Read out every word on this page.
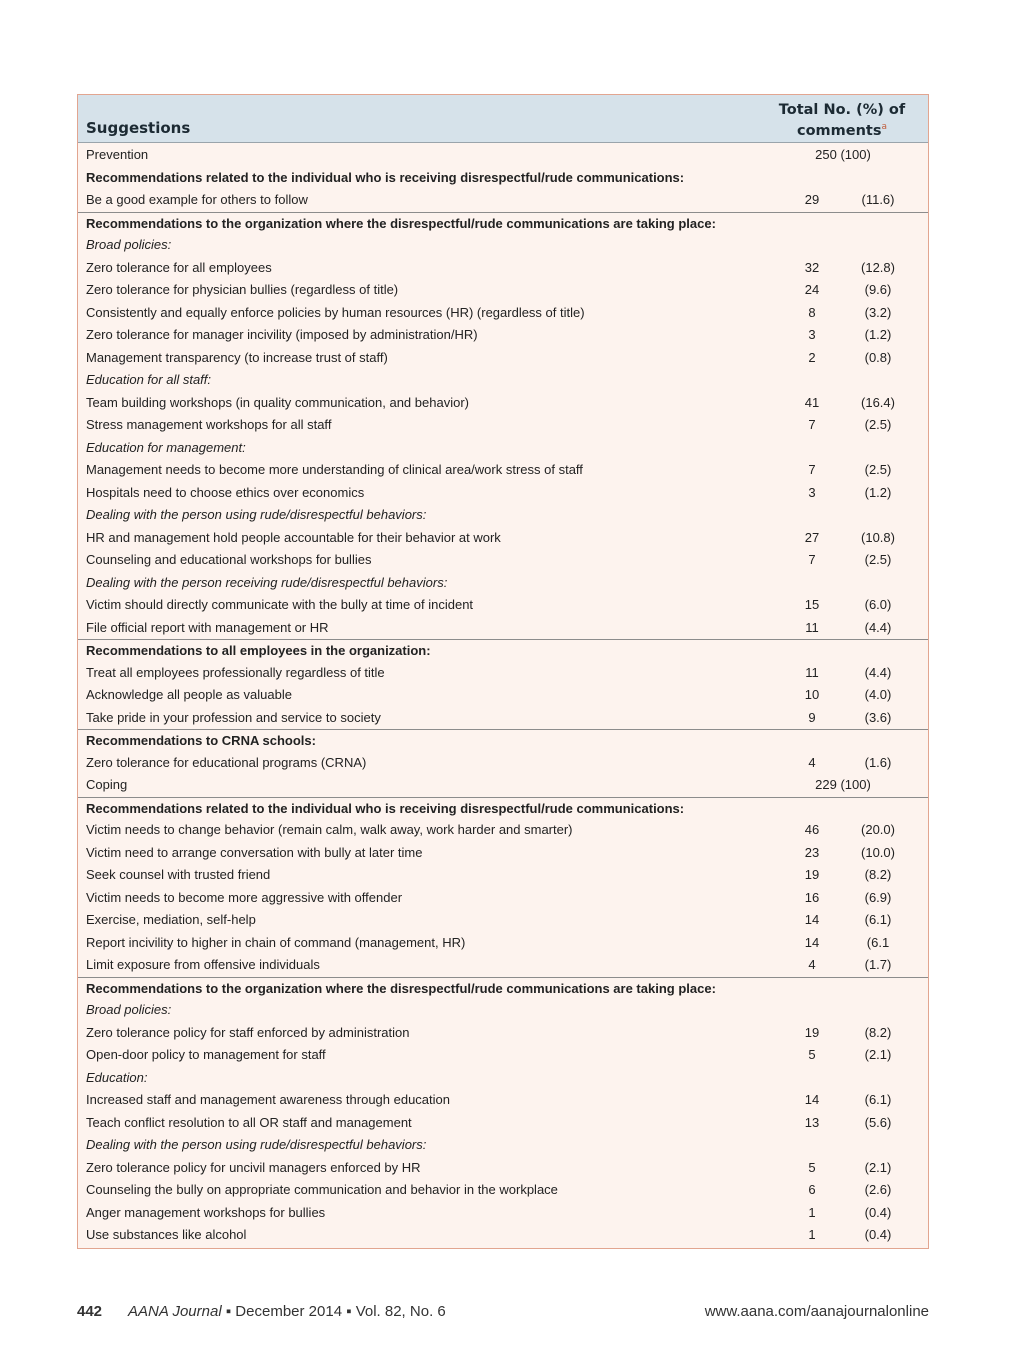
Suggestions
Total No. (%) of
comments$^a$
Prevention	250 (100)
Recommendations related to the individual who is receiving disrespectful/rude communications:
Be a good example for others to follow	29	(11.6)
Recommendations to the organization where the disrespectful/rude communications are taking place:
Broad policies:
Zero tolerance for all employees	32	(12.8)
Zero tolerance for physician bullies (regardless of title)	24	(9.6)
Consistently and equally enforce policies by human resources (HR) (regardless of title)	8	(3.2)
Zero tolerance for manager incivility (imposed by administration/HR)	3	(1.2)
Management transparency (to increase trust of staff)	2	(0.8)
Education for all staff:
Team building workshops (in quality communication, and behavior)	41	(16.4)
Stress management workshops for all staff	7	(2.5)
Education for management:
Management needs to become more understanding of clinical area/work stress of staff	7	(2.5)
Hospitals need to choose ethics over economics	3	(1.2)
Dealing with the person using rude/disrespectful behaviors:
HR and management hold people accountable for their behavior at work	27	(10.8)
Counseling and educational workshops for bullies	7	(2.5)
Dealing with the person receiving rude/disrespectful behaviors:
Victim should directly communicate with the bully at time of incident	15	(6.0)
File official report with management or HR	11	(4.4)
Recommendations to all employees in the organization:
Treat all employees professionally regardless of title	11	(4.4)
Acknowledge all people as valuable	10	(4.0)
Take pride in your profession and service to society	9	(3.6)
Recommendations to CRNA schools:
Zero tolerance for educational programs (CRNA)	4	(1.6)
Coping	229 (100)
Recommendations related to the individual who is receiving disrespectful/rude communications:
Victim needs to change behavior (remain calm, walk away, work harder and smarter)	46	(20.0)
Victim need to arrange conversation with bully at later time	23	(10.0)
Seek counsel with trusted friend	19	(8.2)
Victim needs to become more aggressive with offender	16	(6.9)
Exercise, mediation, self-help	14	(6.1)
Report incivility to higher in chain of command (management, HR)	14	(6.1
Limit exposure from offensive individuals	4	(1.7)
Recommendations to the organization where the disrespectful/rude communications are taking place:
Broad policies:
Zero tolerance policy for staff enforced by administration	19	(8.2)
Open-door policy to management for staff	5	(2.1)
Education:
Increased staff and management awareness through education	14	(6.1)
Teach conflict resolution to all OR staff and management	13	(5.6)
Dealing with the person using rude/disrespectful behaviors:
Zero tolerance policy for uncivil managers enforced by HR	5	(2.1)
Counseling the bully on appropriate communication and behavior in the workplace	6	(2.6)
Anger management workshops for bullies	1	(0.4)
Use substances like alcohol	1	(0.4)
442 AANA Journal ▪ December 2014 ▪ Vol. 82, No. 6	www.aana.com/aanajournalonline
